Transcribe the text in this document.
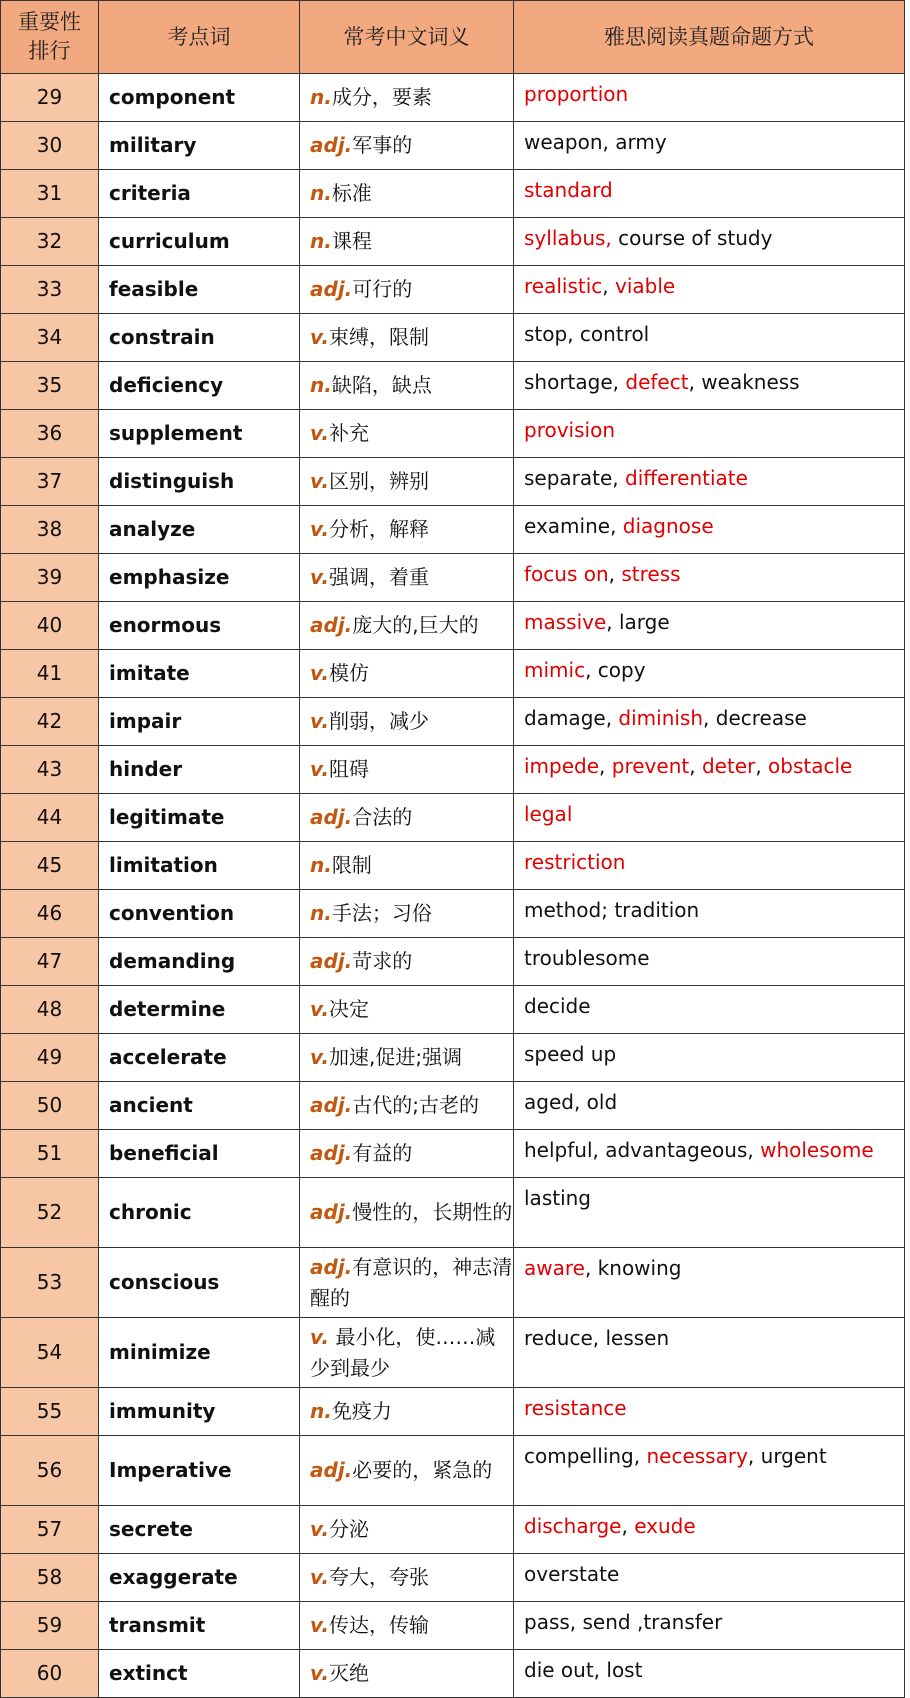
重要性
排行	考点词	常考中文词义	雅思阅读真题命题方式
29	component	n.成分，要素	proportion
30	military	adj.军事的	weapon, army
31	criteria	n.标准	standard
32	curriculum	n.课程	syllabus, course of study
33	feasible	adj.可行的	realistic, viable
34	constrain	v.束缚，限制	stop, control
35	deficiency	n.缺陷，缺点	shortage, defect, weakness
36	supplement	v.补充	provision
37	distinguish	v.区别，辨别	separate, differentiate
38	analyze	v.分析，解释	examine, diagnose
39	emphasize	v.强调，着重	focus on, stress
40	enormous	adj.庞大的,巨大的	massive, large
41	imitate	v.模仿	mimic, copy
42	impair	v.削弱，减少	damage, diminish, decrease
43	hinder	v.阻碍	impede, prevent, deter, obstacle
44	legitimate	adj.合法的	legal
45	limitation	n.限制	restriction
46	convention	n.手法；习俗	method; tradition
47	demanding	adj.苛求的	troublesome
48	determine	v.决定	decide
49	accelerate	v.加速,促进;强调	speed up
50	ancient	adj.古代的;古老的	aged, old
51	beneficial	adj.有益的	helpful, advantageous, wholesome
52	chronic	adj.慢性的，长期性的	lasting
53	conscious	adj.有意识的，神志清醒的	aware, knowing
54	minimize	v. 最小化，使……减少到最少	reduce, lessen
55	immunity	n.免疫力	resistance
56	Imperative	adj.必要的，紧急的	compelling, necessary, urgent
57	secrete	v.分泌	discharge, exude
58	exaggerate	v.夸大，夸张	overstate
59	transmit	v.传达，传输	pass, send ,transfer
60	extinct	v.灭绝	die out, lost
